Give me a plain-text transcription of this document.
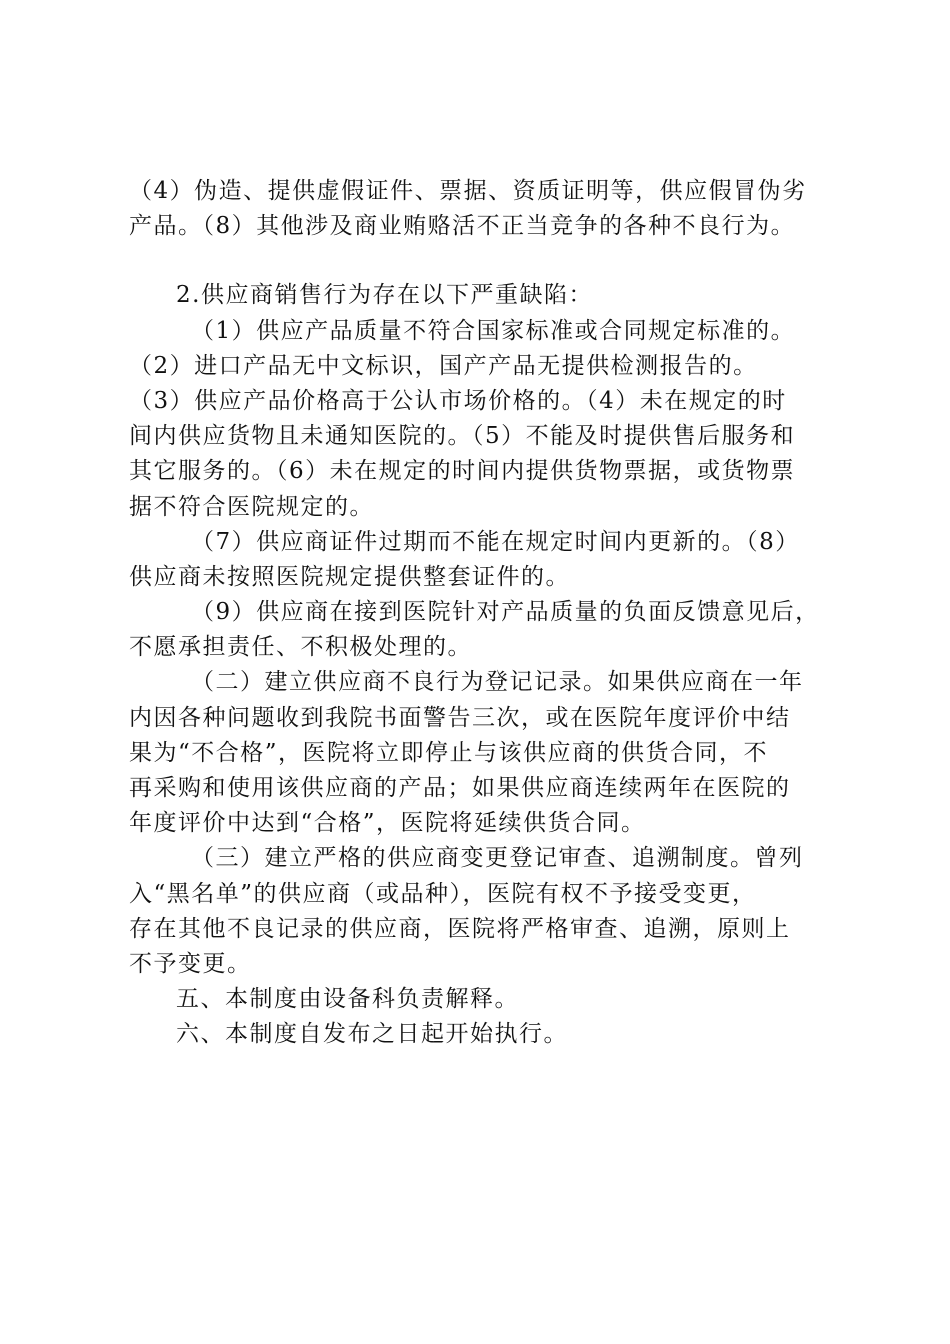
（4）伪造、提供虚假证件、票据、资质证明等，供应假冒伪劣
产品。（8）其他涉及商业贿赂活不正当竞争的各种不良行为。
2.供应商销售行为存在以下严重缺陷：
（1）供应产品质量不符合国家标准或合同规定标准的。
（2）进口产品无中文标识，国产产品无提供检测报告的。
（3）供应产品价格高于公认市场价格的。（4）未在规定的时
间内供应货物且未通知医院的。（5）不能及时提供售后服务和
其它服务的。（6）未在规定的时间内提供货物票据，或货物票
据不符合医院规定的。
（7）供应商证件过期而不能在规定时间内更新的。（8）
供应商未按照医院规定提供整套证件的。
（9）供应商在接到医院针对产品质量的负面反馈意见后，
不愿承担责任、不积极处理的。
（二）建立供应商不良行为登记记录。如果供应商在一年
内因各种问题收到我院书面警告三次，或在医院年度评价中结
果为“不合格”，医院将立即停止与该供应商的供货合同，不
再采购和使用该供应商的产品；如果供应商连续两年在医院的
年度评价中达到“合格”，医院将延续供货合同。
（三）建立严格的供应商变更登记审查、追溯制度。曾列
入“黑名单”的供应商（或品种），医院有权不予接受变更，
存在其他不良记录的供应商，医院将严格审查、追溯，原则上
不予变更。
五、本制度由设备科负责解释。
六、本制度自发布之日起开始执行。
